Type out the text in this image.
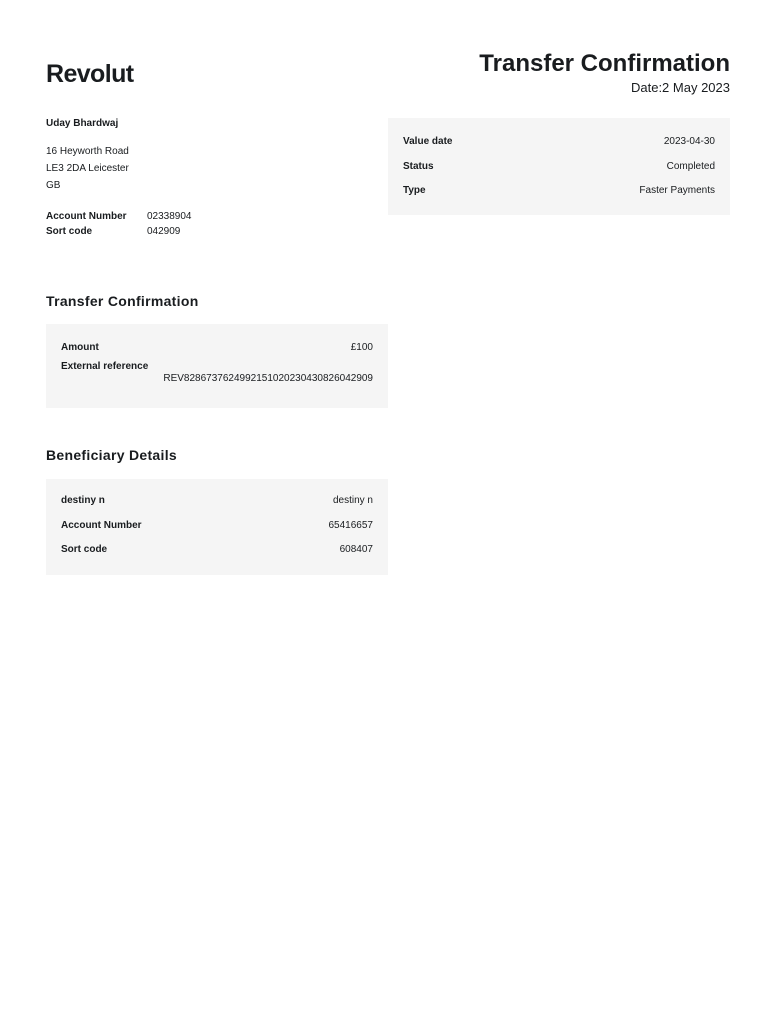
Revolut	Transfer Confirmation
Date:2 May 2023
Uday Bhardwaj
16 Heyworth Road
LE3 2DA Leicester
GB
Account Number	02338904
Sort code	042909
Value date	2023-04-30
Status	Completed
Type	Faster Payments
Transfer Confirmation
Amount	£100
External reference
REV8286737624992151020230430826042909
Beneficiary Details
destiny n	destiny n
Account Number	65416657
Sort code	608407
